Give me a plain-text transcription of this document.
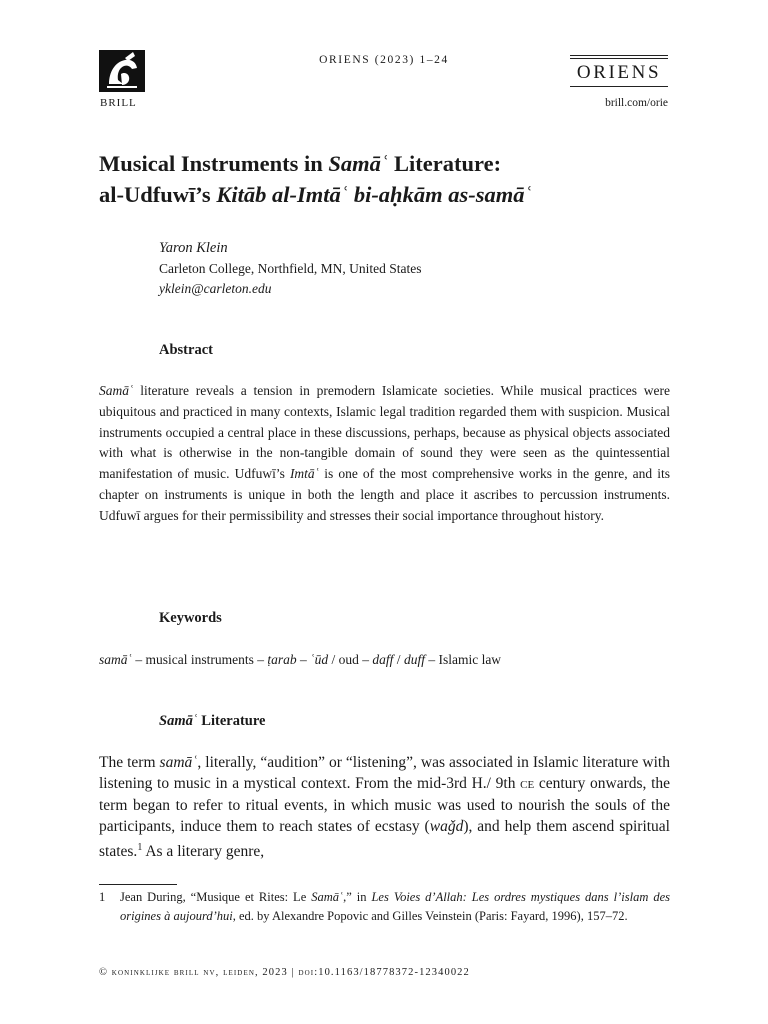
BRILL
ORIENS (2023) 1–24
ORIENS
brill.com/orie
Musical Instruments in Samāʿ Literature:
al-Udfuwī’s Kitāb al-Imtāʿ bi-aḥkām as-samāʿ
Yaron Klein
Carleton College, Northfield, MN, United States
yklein@carleton.edu
Abstract

Samāʿ literature reveals a tension in premodern Islamicate societies. While musical practices were ubiquitous and practiced in many contexts, Islamic legal tradition regarded them with suspicion. Musical instruments occupied a central place in these discussions, perhaps, because as physical objects associated with what is otherwise in the non-tangible domain of sound they were seen as the quintessential manifestation of music. Udfuwī’s Imtāʿ is one of the most comprehensive works in the genre, and its chapter on instruments is unique in both the length and place it ascribes to percussion instruments. Udfuwī argues for their permissibility and stresses their social importance throughout history.

Keywords
samāʿ – musical instruments – ṭarab – ʿūd / oud – daff / duff – Islamic law
Samāʿ Literature

The term samāʿ, literally, “audition” or “listening”, was associated in Islamic literature with listening to music in a mystical context. From the mid-3rd H./ 9th ce century onwards, the term began to refer to ritual events, in which music was used to nourish the souls of the participants, induce them to reach states of ecstasy (waǧd), and help them ascend spiritual states.$^1$ As a literary genre,

1 Jean During, “Musique et Rites: Le Samāʿ,” in Les Voies d’Allah: Les ordres mystiques dans l’islam des origines à aujourd’hui, ed. by Alexandre Popovic and Gilles Veinstein (Paris: Fayard, 1996), 157–72.
© koninklijke brill nv, leiden, 2023 | doi:10.1163/18778372-12340022
